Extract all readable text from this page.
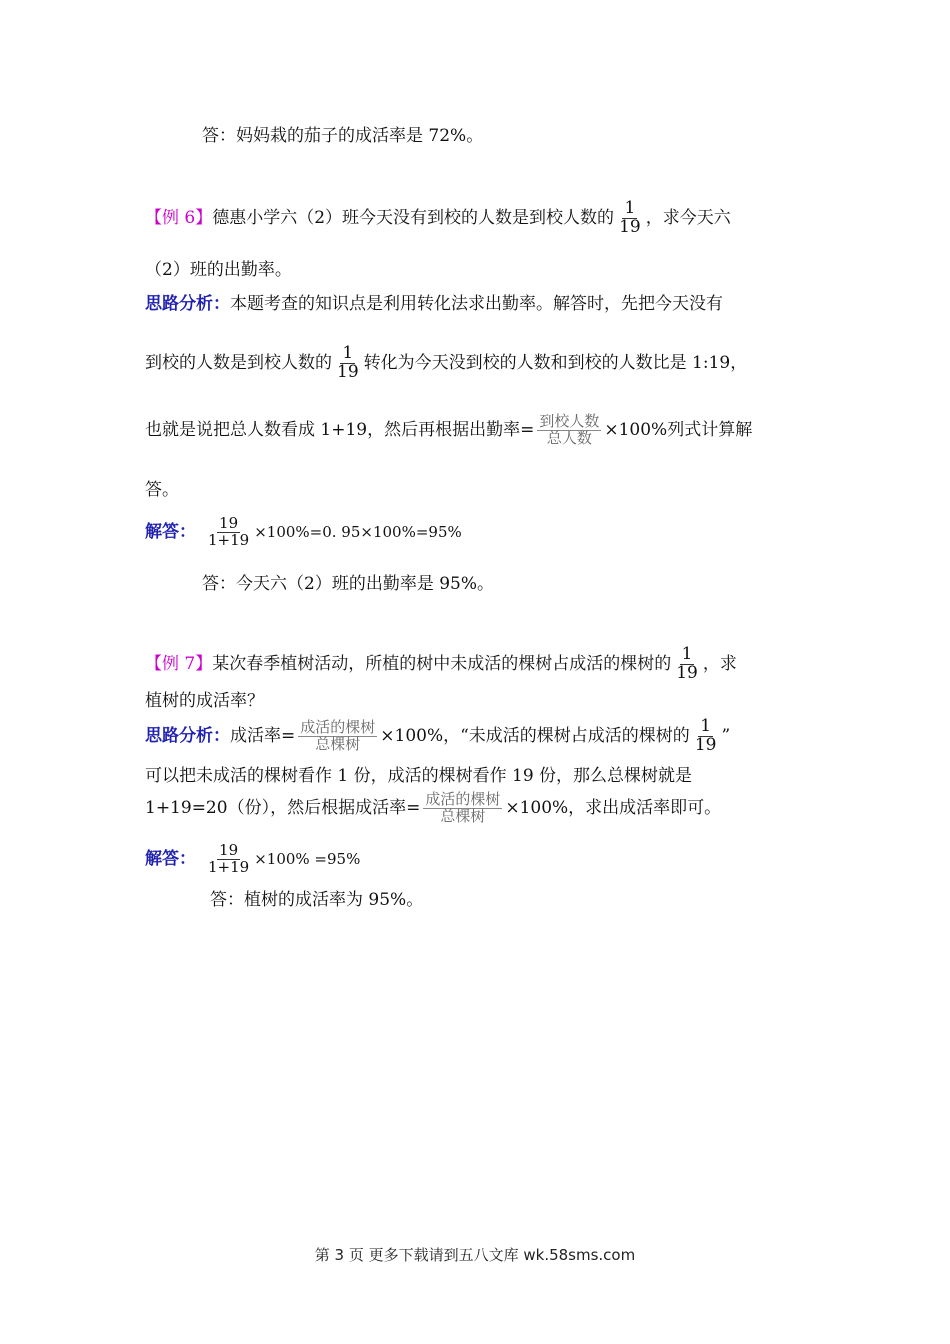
答：妈妈栽的茄子的成活率是 72%。
【例 6】德惠小学六（2）班今天没有到校的人数是到校人数的 $\frac{1}{19}$ ，求今天六
（2）班的出勤率。
思路分析：本题考查的知识点是利用转化法求出勤率。解答时，先把今天没有
到校的人数是到校人数的 $\frac{1}{19}$ 转化为今天没到校的人数和到校的人数比是 1:19，
也就是说把总人数看成 1+19，然后再根据出勤率= $\frac{\text{到校人数}}{\text{总人数}} \times 100\%$列式计算解
答。
解答： $\frac{19}{1+19} \times 100\%=0$. 95×100%=95%
答：今天六（2）班的出勤率是 95%。
【例 7】某次春季植树活动，所植的树中未成活的棵树占成活的棵树的 $\frac{1}{19}$ ，求
植树的成活率？
思路分析：成活率= $\frac{\text{成活的棵树}}{\text{总棵树}} \times 100\%$，“未成活的棵树占成活的棵树的 $\frac{1}{19}$ ”
可以把未成活的棵树看作 1 份，成活的棵树看作 19 份，那么总棵树就是
1+19=20（份），然后根据成活率= $\frac{\text{成活的棵树}}{\text{总棵树}} \times 100\%$，求出成活率即可。
解答： $\frac{19}{1+19} \times 100\% =95\%$
答：植树的成活率为 95%。
第 3 页 更多下载请到五八文库 wk.58sms.com
